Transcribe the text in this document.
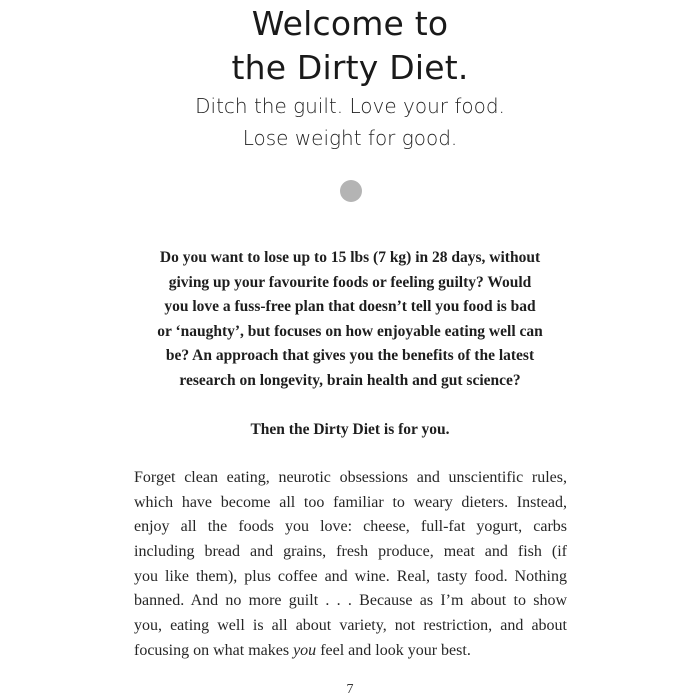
Welcome to
the Dirty Diet.
Ditch the guilt. Love your food.
Lose weight for good.
Do you want to lose up to 15 lbs (7 kg) in 28 days, without
giving up your favourite foods or feeling guilty? Would
you love a fuss-free plan that doesn’t tell you food is bad
or ‘naughty’, but focuses on how enjoyable eating well can
be? An approach that gives you the benefits of the latest
research on longevity, brain health and gut science?
Then the Dirty Diet is for you.
Forget clean eating, neurotic obsessions and unscientific rules,
which have become all too familiar to weary dieters. Instead,
enjoy all the foods you love: cheese, full-fat yogurt, carbs
including bread and grains, fresh produce, meat and fish (if
you like them), plus coffee and wine. Real, tasty food. Nothing
banned. And no more guilt . . . Because as I’m about to show
you, eating well is all about variety, not restriction, and about
focusing on what makes you feel and look your best.
7
